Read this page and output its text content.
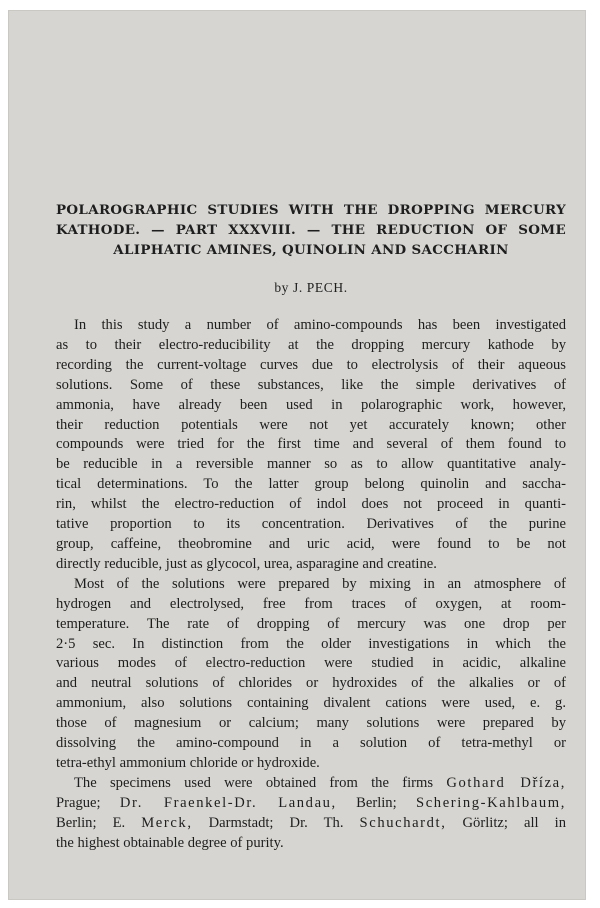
POLAROGRAPHIC STUDIES WITH THE DROPPING MERCURY
KATHODE. — PART XXXVIII. — THE REDUCTION OF SOME
ALIPHATIC AMINES, QUINOLIN AND SACCHARIN
by J. PECH.
In this study a number of amino-compounds has been investigated
as to their electro-reducibility at the dropping mercury kathode by
recording the current-voltage curves due to electrolysis of their aqueous
solutions. Some of these substances, like the simple derivatives of
ammonia, have already been used in polarographic work, however,
their reduction potentials were not yet accurately known; other
compounds were tried for the first time and several of them found to
be reducible in a reversible manner so as to allow quantitative analy-
tical determinations. To the latter group belong quinolin and saccha-
rin, whilst the electro-reduction of indol does not proceed in quanti-
tative proportion to its concentration. Derivatives of the purine
group, caffeine, theobromine and uric acid, were found to be not
directly reducible, just as glycocol, urea, asparagine and creatine.
Most of the solutions were prepared by mixing in an atmosphere of
hydrogen and electrolysed, free from traces of oxygen, at room-
temperature. The rate of dropping of mercury was one drop per
2·5 sec. In distinction from the older investigations in which the
various modes of electro-reduction were studied in acidic, alkaline
and neutral solutions of chlorides or hydroxides of the alkalies or of
ammonium, also solutions containing divalent cations were used, e. g.
those of magnesium or calcium; many solutions were prepared by
dissolving the amino-compound in a solution of tetra-methyl or
tetra-ethyl ammonium chloride or hydroxide.
The specimens used were obtained from the firms Gothard Dříza,
Prague; Dr. Fraenkel-Dr. Landau, Berlin; Schering-Kahlbaum,
Berlin; E. Merck, Darmstadt; Dr. Th. Schuchardt, Görlitz; all in
the highest obtainable degree of purity.
